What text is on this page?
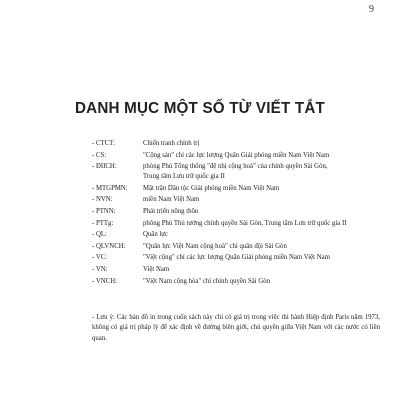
9
DANH MỤC MỘT SỐ TỪ VIẾT TẮT
- CTCT:	Chiến tranh chính trị
- CS:	"Cộng sản" chỉ các lực lượng Quân Giải phóng miền Nam Việt Nam
- ĐIICH:	phòng Phủ Tổng thống "đệ nhị cộng hoà" của chính quyền Sài Gòn,
Trung tâm Lưu trữ quốc gia II
- MTGPMN:	Mặt trận Dân tộc Giải phóng miền Nam Việt Nam
- NVN:	miền Nam Việt Nam
- PTNN:	Phát triển nông thôn
- PTTg:	phông Phủ Thủ tướng chính quyền Sài Gòn, Trung tâm Lưu trữ quốc gia II
- QL:	Quân lực
- QLVNCH:	"Quân lực Việt Nam cộng hoà" chỉ quân đội Sài Gòn
- VC:	"Việt cộng" chỉ các lực lượng Quân Giải phóng miền Nam Việt Nam
- VN:	Việt Nam
- VNCH:	"Việt Nam cộng hòa" chỉ chính quyền Sài Gòn

- Lưu ý: Các bản đồ in trong cuốn sách này chỉ có giá trị trong việc thi hành Hiệp định Paris năm 1973, không có giá trị pháp lý để xác định về đường biên giới, chủ quyền giữa Việt Nam với các nước có liên quan.
